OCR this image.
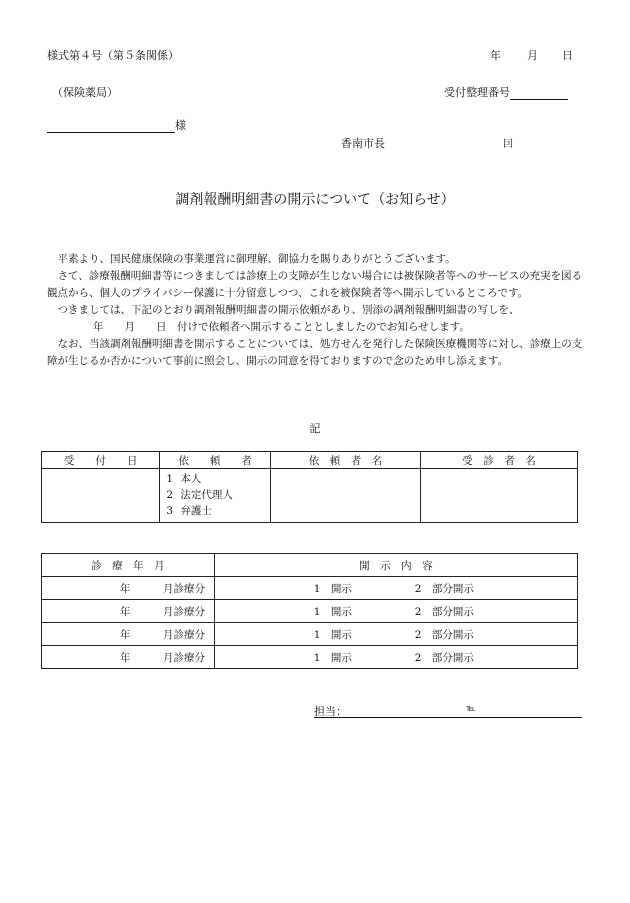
様式第４号（第５条関係）	年 月 日
（保険薬局）	受付整理番号
様
香南市長	囙
調剤報酬明細書の開示について（お知らせ）

平素より、国民健康保険の事業運営に御理解、御協力を賜りありがとうございます。

さて、診療報酬明細書等につきましては診療上の支障が生じない場合には被保険者等へのサービスの充実を図る観点から、個人のプライバシー保護に十分留意しつつ、これを被保険者等へ開示しているところです。

つきましては、下記のとおり調剤報酬明細書の開示依頼があり、別添の調剤報酬明細書の写しを、

年　　月　　日　付けで依頼者へ開示することとしましたのでお知らせします。

なお、当該調剤報酬明細書を開示することについては、処方せんを発行した保険医療機関等に対し、診療上の支障が生じるか否かについて事前に照会し、開示の同意を得ておりますので念のため申し添えます。

記
受　　付　　日	依　　頼　　者	依　頼　者　名	受　診　者　名

	1 本人
2 法定代理人
3 弁護士		

診　療　年　月	開　示　内　容

年 月診療分	1　開示 2　部分開示

年 月診療分	1　開示 2　部分開示

年 月診療分	1　開示 2　部分開示

年 月診療分	1　開示 2　部分開示
担当：	℡
